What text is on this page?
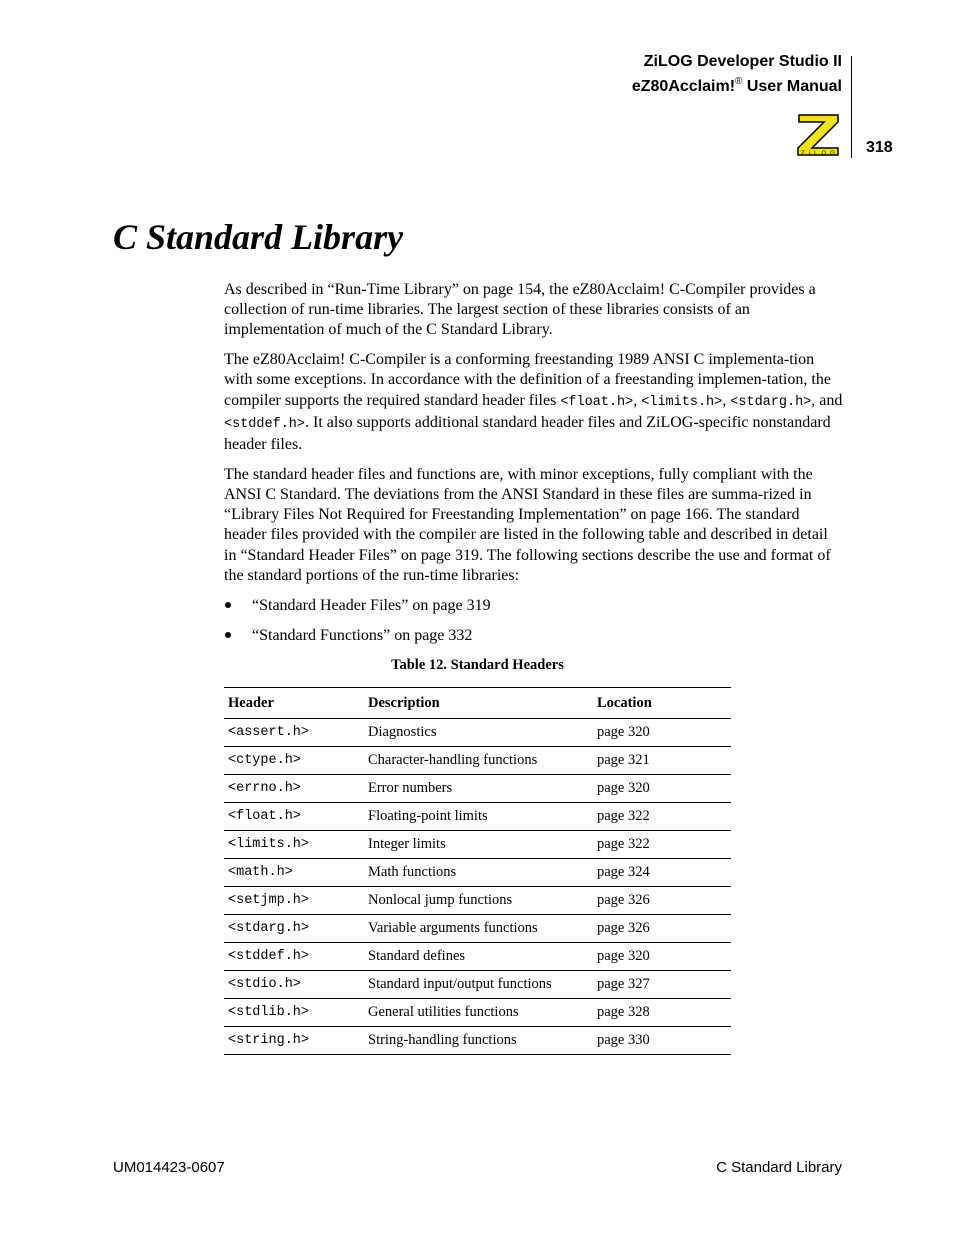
ZiLOG Developer Studio II
eZ80Acclaim!® User Manual
ZiLOG 318
C Standard Library

As described in “Run-Time Library” on page 154, the eZ80Acclaim! C-Compiler provides a collection of run-time libraries. The largest section of these libraries consists of an implementation of much of the C Standard Library.

The eZ80Acclaim! C-Compiler is a conforming freestanding 1989 ANSI C implementa-tion with some exceptions. In accordance with the definition of a freestanding implemen-tation, the compiler supports the required standard header files <float.h>, <limits.h>, <stdarg.h>, and <stddef.h>. It also supports additional standard header files and ZiLOG-specific nonstandard header files.

The standard header files and functions are, with minor exceptions, fully compliant with the ANSI C Standard. The deviations from the ANSI Standard in these files are summa-rized in “Library Files Not Required for Freestanding Implementation” on page 166. The standard header files provided with the compiler are listed in the following table and described in detail in “Standard Header Files” on page 319. The following sections describe the use and format of the standard portions of the run-time libraries:

“Standard Header Files” on page 319
“Standard Functions” on page 332
Table 12. Standard Headers
Header	Description	Location
<assert.h>	Diagnostics	page 320
<ctype.h>	Character-handling functions	page 321
<errno.h>	Error numbers	page 320
<float.h>	Floating-point limits	page 322
<limits.h>	Integer limits	page 322
<math.h>	Math functions	page 324
<setjmp.h>	Nonlocal jump functions	page 326
<stdarg.h>	Variable arguments functions	page 326
<stddef.h>	Standard defines	page 320
<stdio.h>	Standard input/output functions	page 327
<stdlib.h>	General utilities functions	page 328
<string.h>	String-handling functions	page 330
UM014423-0607	C Standard Library
